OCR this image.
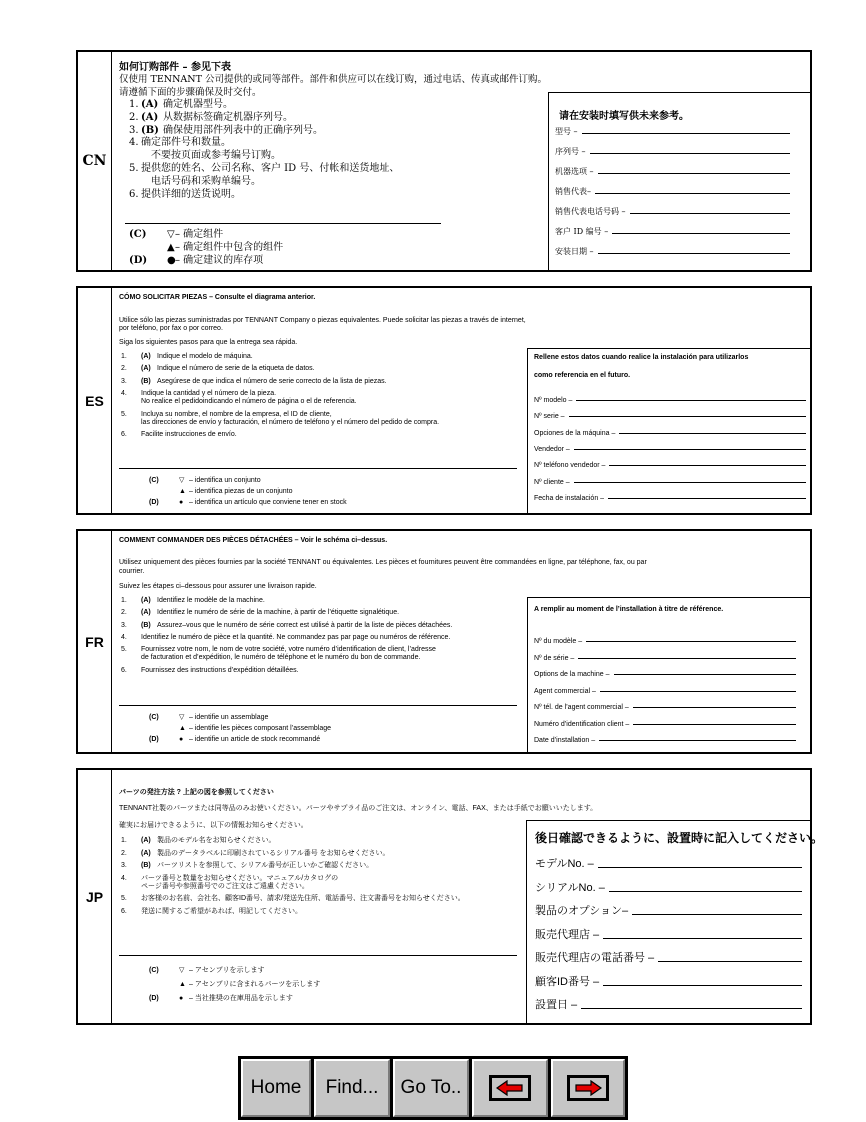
CN
如何订购部件 – 参见下表
仅使用 TENNANT 公司提供的或同等部件。部件和供应可以在线订购，通过电话、传真或邮件订购。
请遵循下面的步骤确保及时交付。
1. (A) 确定机器型号。
2. (A) 从数据标签确定机器序列号。
3. (B) 确保使用部件列表中的正确序列号。
4. 确定部件号和数量。
不要按页面或参考编号订购。
5. 提供您的姓名、公司名称、客户 ID 号、付帐和送货地址、
电话号码和采购单编号。
6. 提供详细的送货说明。
(C) ▽ – 确定组件
▲ – 确定组件中包含的组件
(D) ● – 确定建议的库存项
请在安装时填写供未来参考。
型号 –
序列号 –
机器选项 –
销售代表–
销售代表电话号码 –
客户 ID 编号 –
安装日期 –
ES
CÓMO SOLICITAR PIEZAS – Consulte el diagrama anterior.
Utilice sólo las piezas suministradas por TENNANT Company o piezas equivalentes. Puede solicitar las piezas a través de internet,
por teléfono, por fax o por correo.
Siga los siguientes pasos para que la entrega sea rápida.
1. (A) Indique el modelo de máquina.
2. (A) Indique el número de serie de la etiqueta de datos.
3. (B) Asegúrese de que indica el número de serie correcto de la lista de piezas.
4. Indique la cantidad y el número de la pieza.
No realice el pedidoindicando el número de página o el de referencia.
5. Incluya su nombre, el nombre de la empresa, el ID de cliente,
las direcciones de envío y facturación, el número de teléfono y el número del pedido de compra.
6. Facilite instrucciones de envío.
(C)	▽ – identifica un conjunto
▲ – identifica piezas de un conjunto
(D)	● – identifica un artículo que conviene tener en stock
Rellene estos datos cuando realice la instalación para utilizarlos
como referencia en el futuro.
Nº modelo –
Nº serie –
Opciones de la máquina –
Vendedor –
Nº teléfono vendedor –
Nº cliente –
Fecha de instalación –
FR
COMMENT COMMANDER DES PIÈCES DÉTACHÉES – Voir le schéma ci–dessus.
Utilisez uniquement des pièces fournies par la société TENNANT ou équivalentes. Les pièces et fournitures peuvent être commandées en ligne, par téléphone, fax, ou par
courrier.
Suivez les étapes ci–dessous pour assurer une livraison rapide.
1. (A) Identifiez le modèle de la machine.
2. (A) Identifiez le numéro de série de la machine, à partir de l’étiquette signalétique.
3. (B) Assurez–vous que le numéro de série correct est utilisé à partir de la liste de pièces détachées.
4. Identifiez le numéro de pièce et la quantité. Ne commandez pas par page ou numéros de référence.
5. Fournissez votre nom, le nom de votre société, votre numéro d’identification de client, l’adresse
de facturation et d’expédition, le numéro de téléphone et le numéro du bon de commande.
6. Fournissez des instructions d’expédition détaillées.
(C)	▽ – identifie un assemblage
▲ – identifie les pièces composant l’assemblage
(D)	● – identifie un article de stock recommandé
A remplir au moment de l’installation à titre de référence.
Nº du modèle –
Nº de série –
Options de la machine –
Agent commercial –
Nº tél. de l’agent commercial –
Numéro d’identification client –
Date d’installation –
JP
パーツの発注方法 ? 上記の図を参照してください
TENNANT社製のパーツまたは同等品のみお使いください。パーツやサプライ品のご注文は、オンライン、電話、FAX、または手紙でお願いいたします。
確実にお届けできるように、以下の情報お知らせください。
1. (A) 製品のモデル名をお知らせください。
2. (A) 製品のデータラベルに印刷されているシリアル番号 をお知らせください。
3. (B) パーツリストを参照して、シリアル番号が正しいかご確認ください。
4. パーツ番号と数量をお知らせください。マニュアル/カタログの
ページ番号や参照番号でのご注文はご遠慮ください。
5. お客様のお名前、会社名、顧客ID番号、請求/発送先住所、電話番号、注文書番号をお知らせください。
6. 発送に関するご希望があれば、明記してください。
(C)	▽ – アセンブリを示します
▲ – アセンブリに含まれるパーツを示します
(D)	● – 当社推奨の在庫用品を示します
後日確認できるように、設置時に記入してください。
モデルNo. –
シリアルNo. –
製品のオプション–
販売代理店 –
販売代理店の電話番号 –
顧客ID番号 –
設置日 –
Home	Find...	Go To..
